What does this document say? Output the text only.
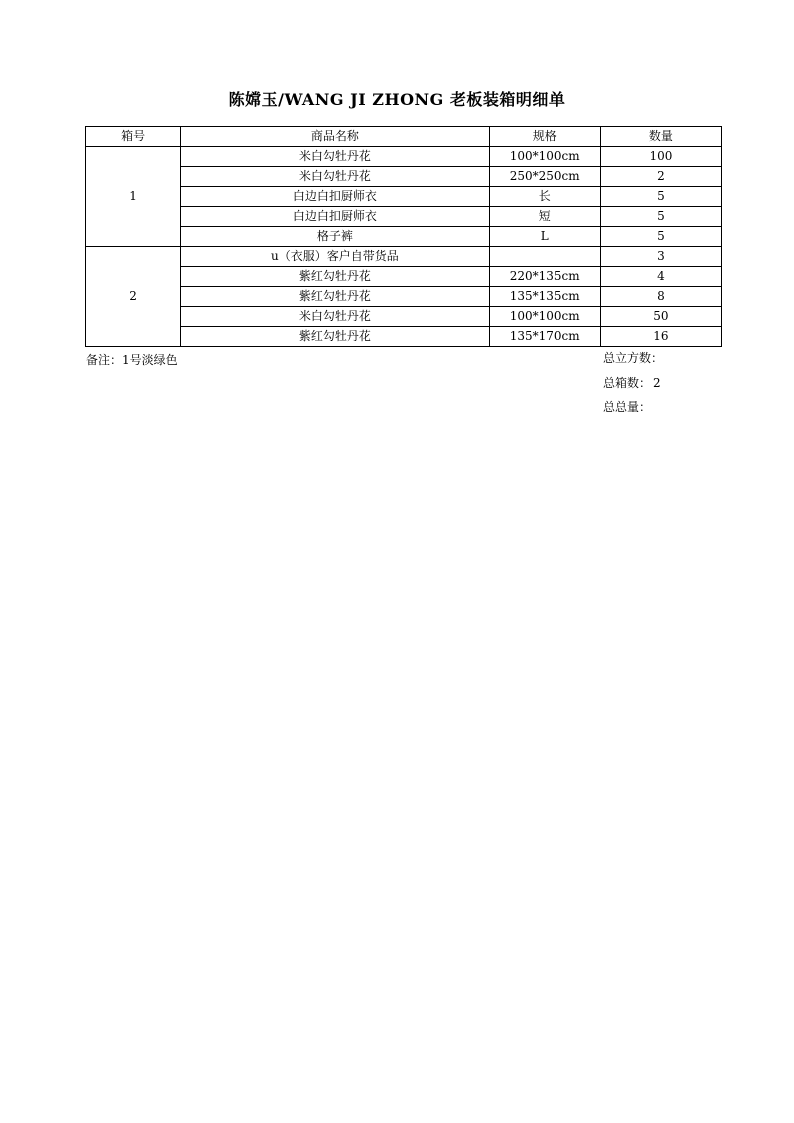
陈嫦玉/WANG JI ZHONG 老板装箱明细单
箱号	商品名称	规格	数量
1	米白勾牡丹花	100*100cm	100
	米白勾牡丹花	250*250cm	2
	白边白扣厨师衣	长	5
	白边白扣厨师衣	短	5
	格子裤	L	5
2	u（衣服）客户自带货品		3
	紫红勾牡丹花	220*135cm	4
	紫红勾牡丹花	135*135cm	8
	米白勾牡丹花	100*100cm	50
	紫红勾牡丹花	135*170cm	16
备注：1号淡绿色	总立方数：
总箱数： 2
总总量：
